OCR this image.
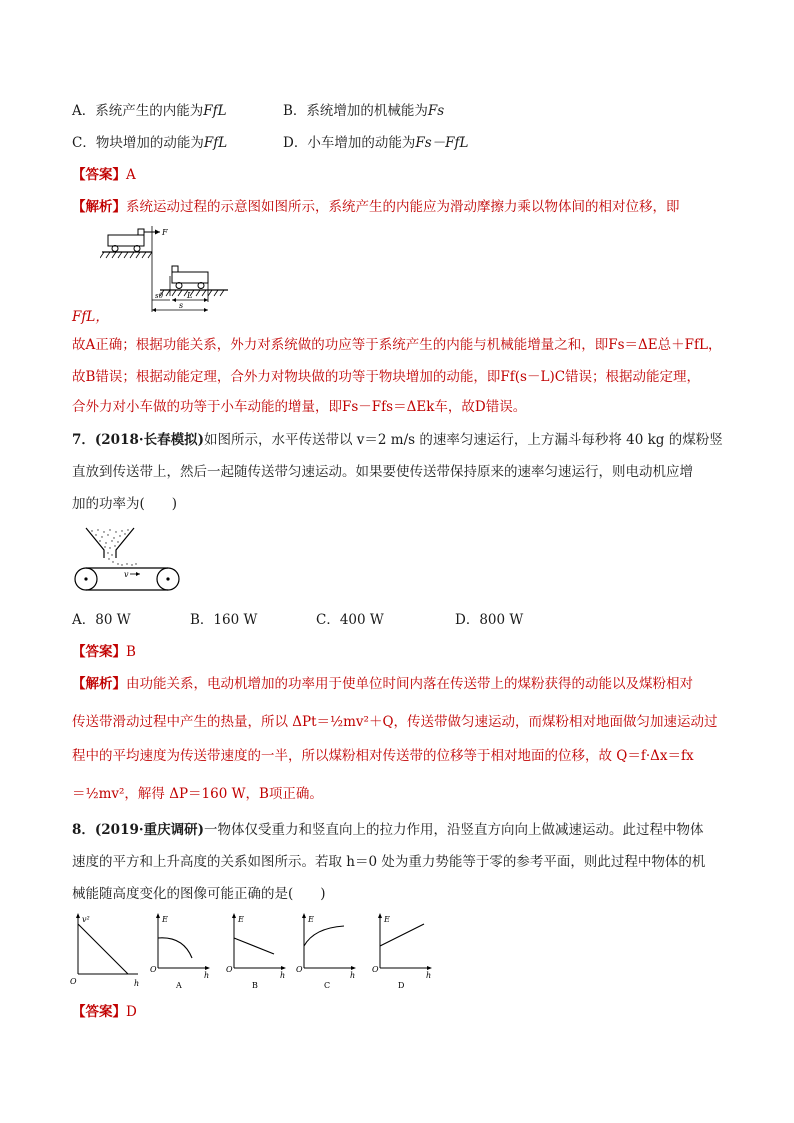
A．系统产生的内能为FfL	B．系统增加的机械能为Fs
C．物块增加的动能为FfL	D．小车增加的动能为Fs－FfL
【答案】A
【解析】系统运动过程的示意图如图所示，系统产生的内能应为滑动摩擦力乘以物体间的相对位移，即
F
s0	L
s
FfL，
故A正确；根据功能关系，外力对系统做的功应等于系统产生的内能与机械能增量之和，即Fs＝ΔE总＋FfL，
故B错误；根据动能定理，合外力对物块做的功等于物块增加的动能，即Ff(s－L)C错误；根据动能定理，
合外力对小车做的功等于小车动能的增量，即Fs－Ffs＝ΔEk车，故D错误。
7．(2018·长春模拟)如图所示，水平传送带以 v＝2 m/s 的速率匀速运行，上方漏斗每秒将 40 kg 的煤粉竖
直放到传送带上，然后一起随传送带匀速运动。如果要使传送带保持原来的速率匀速运行，则电动机应增
加的功率为(　　)
v
A．80 W	B．160 W	C．400 W	D．800 W
【答案】B
【解析】由功能关系，电动机增加的功率用于使单位时间内落在传送带上的煤粉获得的动能以及煤粉相对
传送带滑动过程中产生的热量，所以 ΔPt＝½mv²＋Q，传送带做匀速运动，而煤粉相对地面做匀加速运动过
程中的平均速度为传送带速度的一半，所以煤粉相对传送带的位移等于相对地面的位移，故 Q＝f·Δx＝fx
＝½mv²，解得 ΔP＝160 W，B项正确。
8．(2019·重庆调研)一物体仅受重力和竖直向上的拉力作用，沿竖直方向向上做减速运动。此过程中物体
速度的平方和上升高度的关系如图所示。若取 h＝0 处为重力势能等于零的参考平面，则此过程中物体的机
械能随高度变化的图像可能正确的是(　　)
v²
O	h
E
O
h
A
E
O
h
B
E
O
h
C
E
O
h
D
【答案】D
